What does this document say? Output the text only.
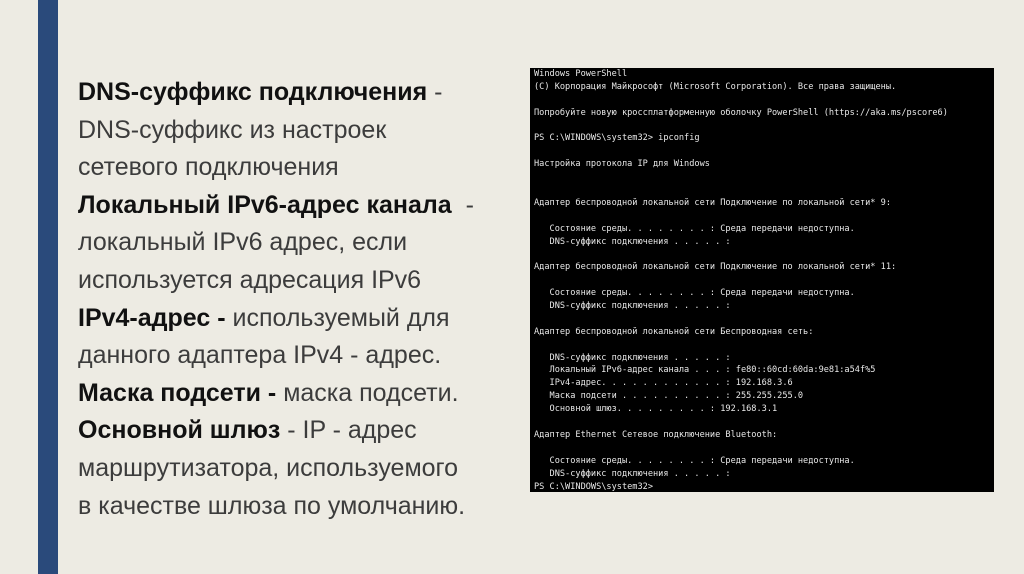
DNS-суффикс подключения -
DNS-суффикс из настроек
сетевого подключения
Локальный IPv6-адрес канала  -
локальный IPv6 адрес, если
используется адресация IPv6
IPv4-адрес - используемый для
данного адаптера IPv4 - адрес.
Маска подсети - маска подсети.
Основной шлюз - IP - адрес
маршрутизатора, используемого
в качестве шлюза по умолчанию.
Windows PowerShell
(C) Корпорация Майкрософт (Microsoft Corporation). Все права защищены.
Попробуйте новую кроссплатформенную оболочку PowerShell (https://aka.ms/pscore6)
PS C:\WINDOWS\system32> ipconfig
Настройка протокола IP для Windows
Адаптер беспроводной локальной сети Подключение по локальной сети* 9:
Состояние среды. . . . . . . . : Среда передачи недоступна.
DNS-суффикс подключения . . . . . :
Адаптер беспроводной локальной сети Подключение по локальной сети* 11:
Состояние среды. . . . . . . . : Среда передачи недоступна.
DNS-суффикс подключения . . . . . :
Адаптер беспроводной локальной сети Беспроводная сеть:
DNS-суффикс подключения . . . . . :
Локальный IPv6-адрес канала . . . : fe80::60cd:60da:9e81:a54f%5
IPv4-адрес. . . . . . . . . . . . : 192.168.3.6
Маска подсети . . . . . . . . . . : 255.255.255.0
Основной шлюз. . . . . . . . . : 192.168.3.1
Адаптер Ethernet Сетевое подключение Bluetooth:
Состояние среды. . . . . . . . : Среда передачи недоступна.
DNS-суффикс подключения . . . . . :
PS C:\WINDOWS\system32>
